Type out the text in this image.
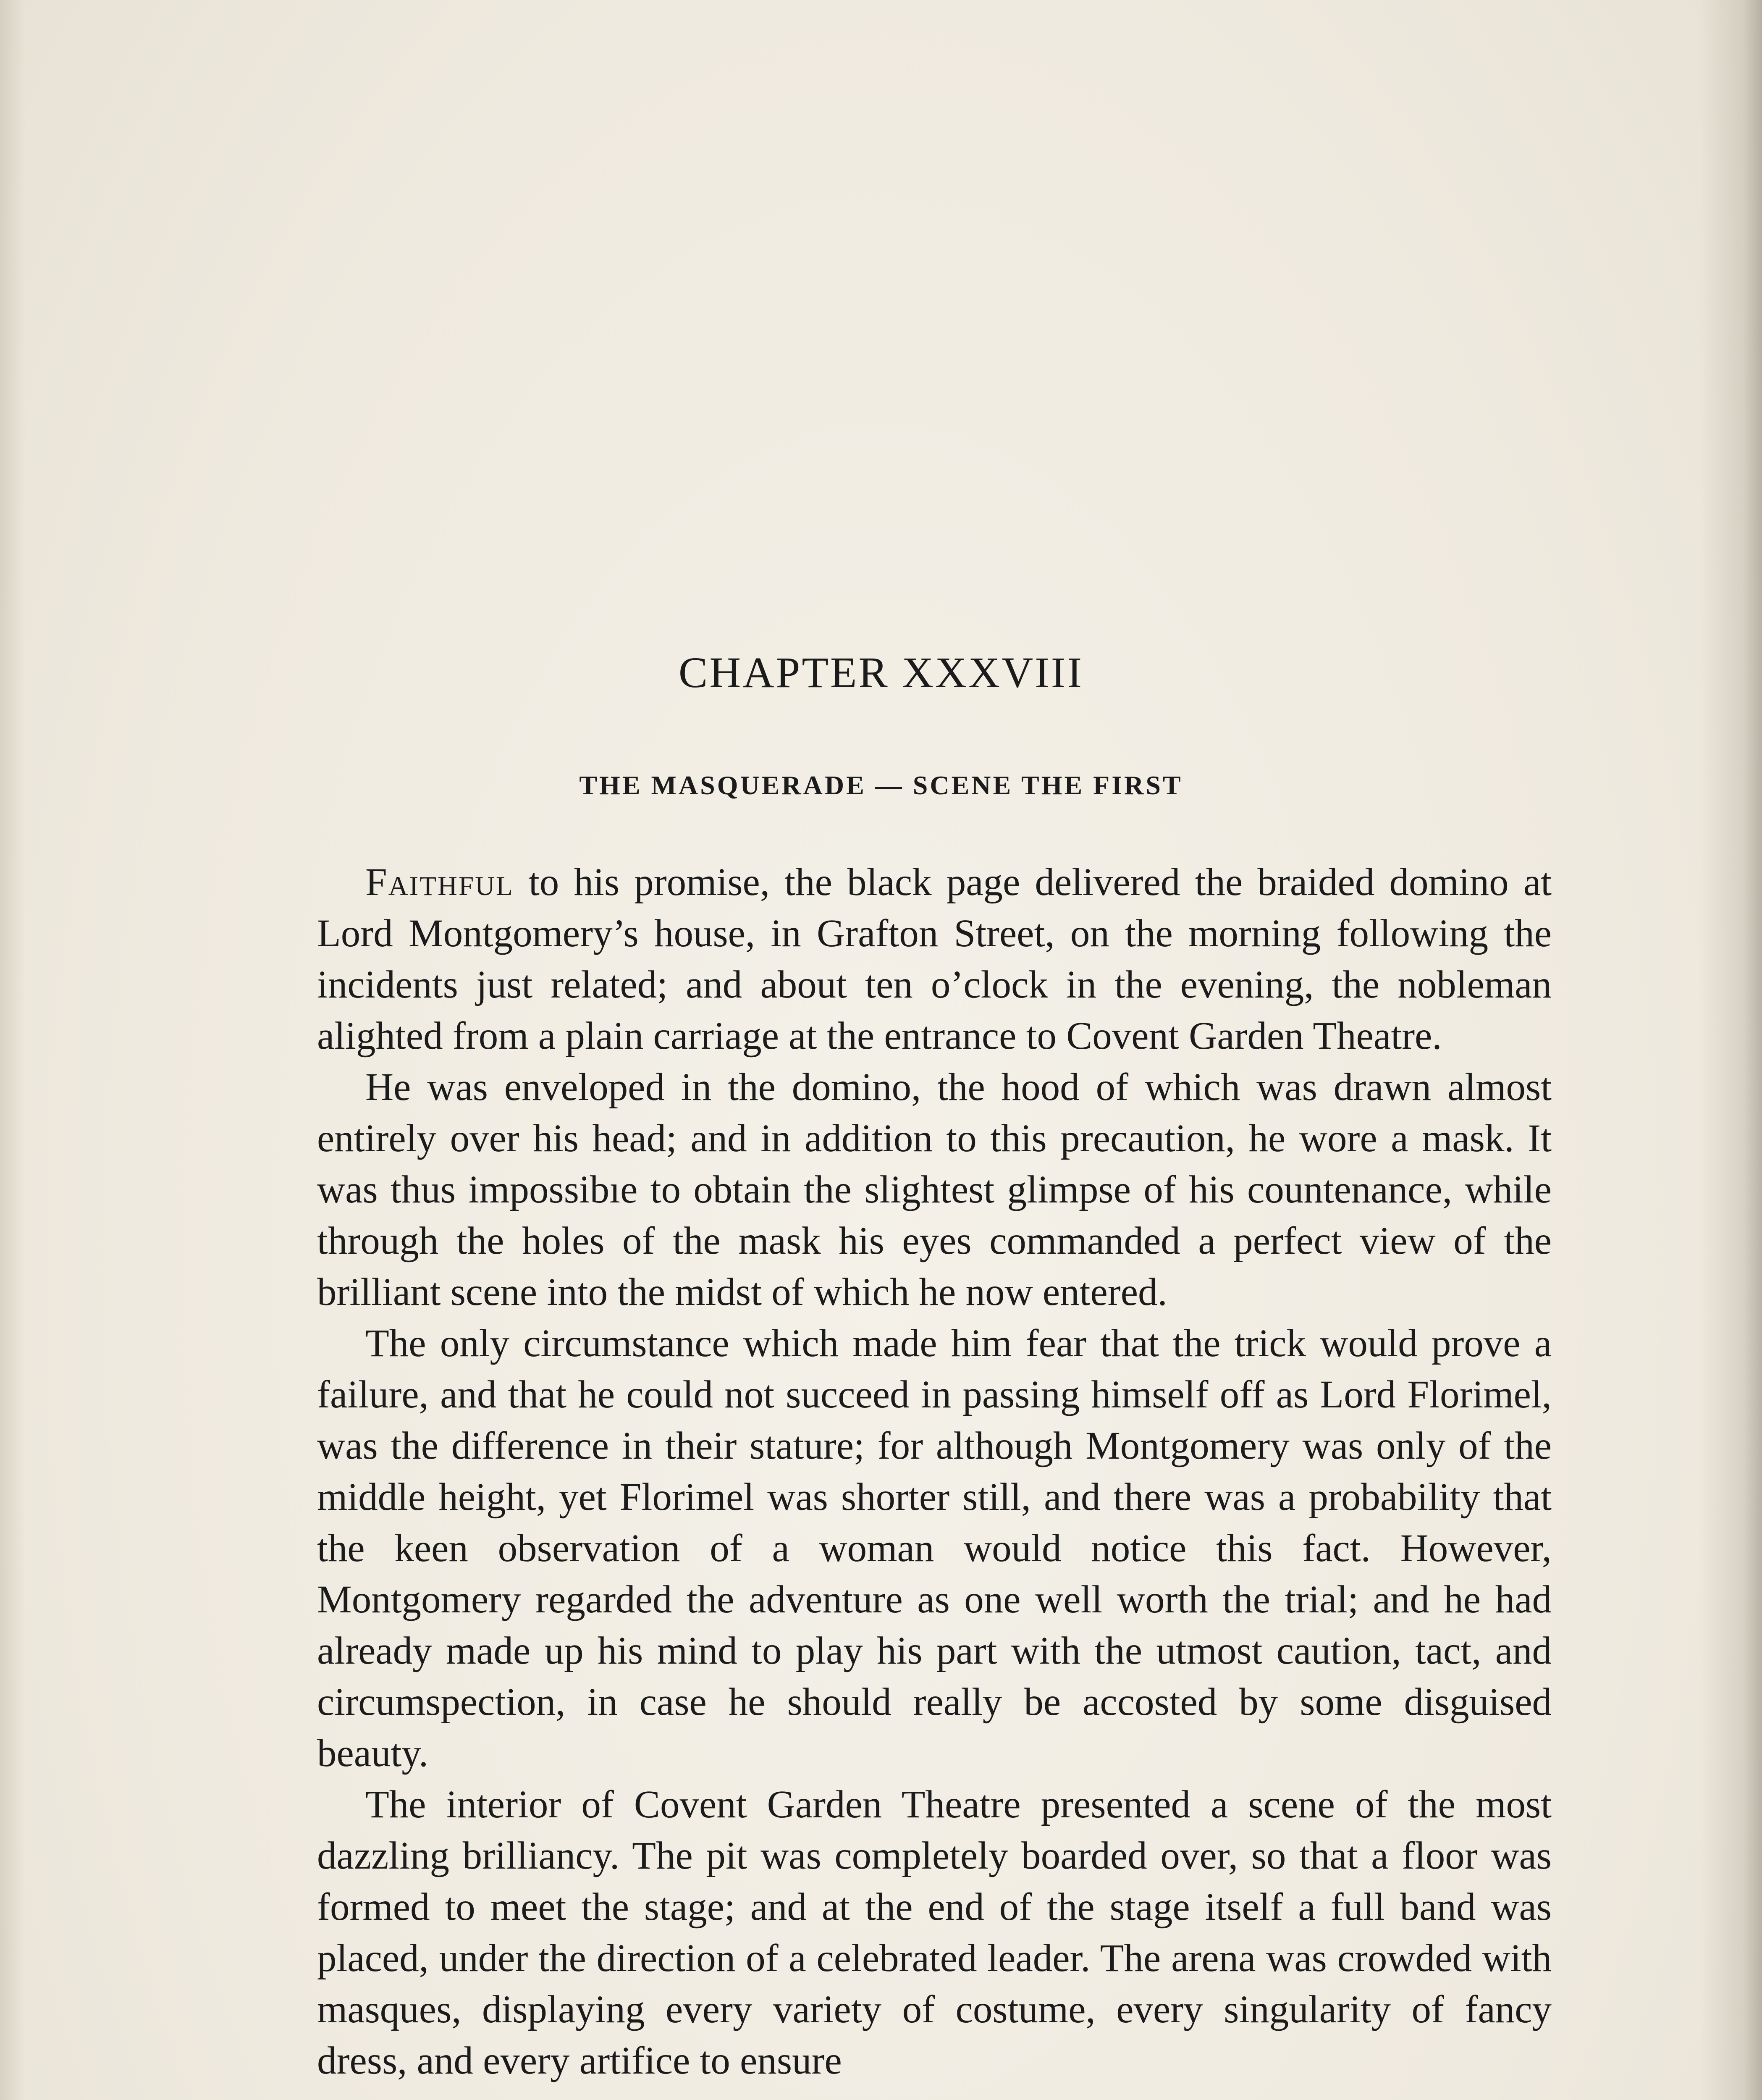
CHAPTER XXXVIII
THE MASQUERADE — SCENE THE FIRST

Faithful to his promise, the black page delivered the braided domino at Lord Montgomery’s house, in Grafton Street, on the morning following the incidents just related; and about ten o’clock in the evening, the nobleman alighted from a plain carriage at the entrance to Covent Garden Theatre.

He was enveloped in the domino, the hood of which was drawn almost entirely over his head; and in addition to this precaution, he wore a mask. It was thus impossibıe to obtain the slightest glimpse of his countenance, while through the holes of the mask his eyes commanded a perfect view of the brilliant scene into the midst of which he now entered.

The only circumstance which made him fear that the trick would prove a failure, and that he could not succeed in passing himself off as Lord Florimel, was the difference in their stature; for although Montgomery was only of the middle height, yet Florimel was shorter still, and there was a probability that the keen observation of a woman would notice this fact. However, Montgomery regarded the adventure as one well worth the trial; and he had already made up his mind to play his part with the utmost caution, tact, and circumspection, in case he should really be accosted by some disguised beauty.

The interior of Covent Garden Theatre presented a scene of the most dazzling brilliancy. The pit was completely boarded over, so that a floor was formed to meet the stage; and at the end of the stage itself a full band was placed, under the direction of a celebrated leader. The arena was crowded with masques, displaying every variety of costume, every singularity of fancy dress, and every artifice to ensure
